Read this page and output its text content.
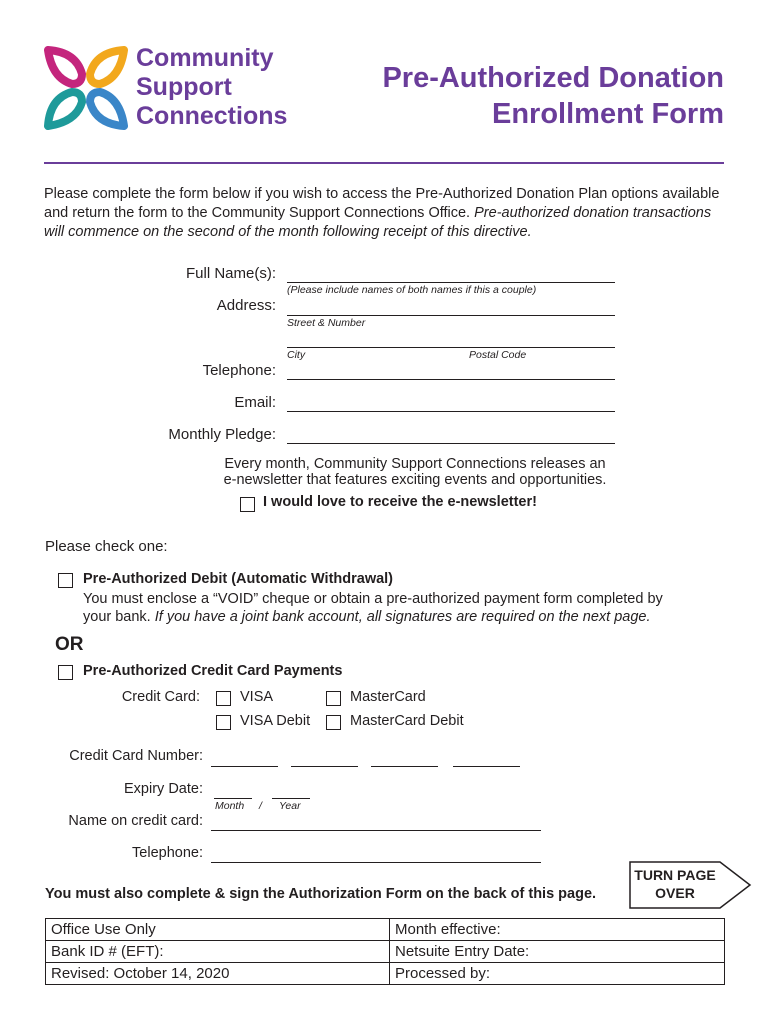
Community
Support
Connections
Pre-Authorized Donation
Enrollment Form
Please complete the form below if you wish to access the Pre-Authorized Donation Plan options available and return the form to the Community Support Connections Office. Pre-authorized donation transactions will commence on the second of the month following receipt of this directive.
Full Name(s):
(Please include names of both names if this a couple)
Address:
Street & Number
City	Postal Code
Telephone:
Email:
Monthly Pledge:
Every month, Community Support Connections releases an
e-newsletter that features exciting events and opportunities.
I would love to receive the e-newsletter!
Please check one:
Pre-Authorized Debit (Automatic Withdrawal)
You must enclose a “VOID” cheque or obtain a pre-authorized payment form completed by
your bank. If you have a joint bank account, all signatures are required on the next page.
OR
Pre-Authorized Credit Card Payments
Credit Card:	VISA	MasterCard
VISA Debit	MasterCard Debit
Credit Card Number:
Expiry Date:
Month / Year
Name on credit card:
Telephone:
You must also complete & sign the Authorization Form on the back of this page.
TURN PAGE
OVER
Office Use Only	Month effective:
Bank ID # (EFT):	Netsuite Entry Date:
Revised: October 14, 2020	Processed by:
